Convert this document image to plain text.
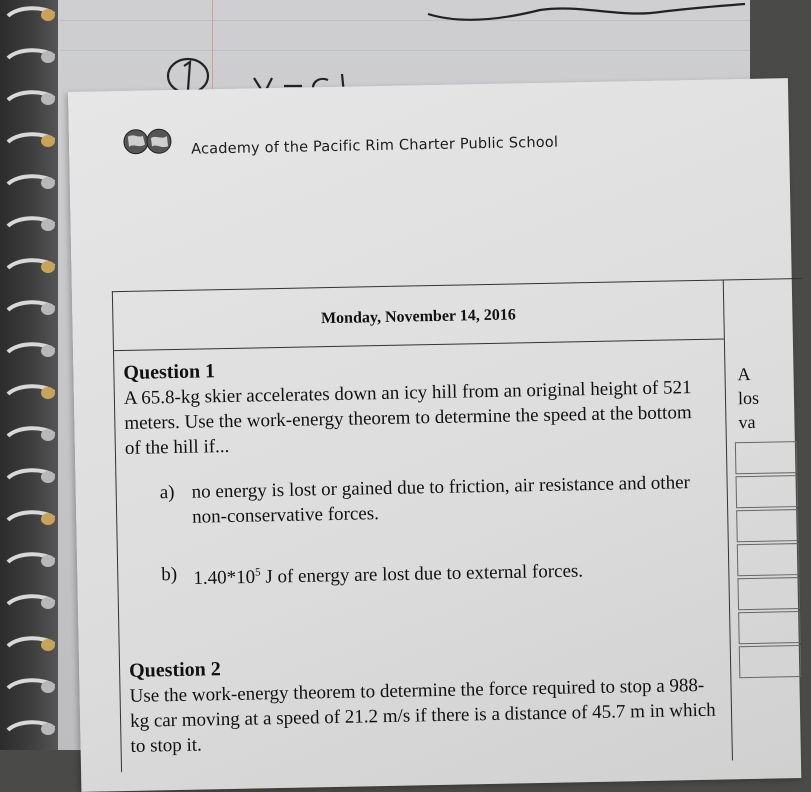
Academy of the Pacific Rim Charter Public School
Monday, November 14, 2016
A
los
va
Question 1
A 65.8-kg skier accelerates down an icy hill from an original height of 521 meters. Use the work-energy theorem to determine the speed at the bottom of the hill if...
a) no energy is lost or gained due to friction, air resistance and other non-conservative forces.
b) $1.40*10^5$ J of energy are lost due to external forces.
Question 2
Use the work-energy theorem to determine the force required to stop a 988-kg car moving at a speed of 21.2 m/s if there is a distance of 45.7 m in which to stop it.
